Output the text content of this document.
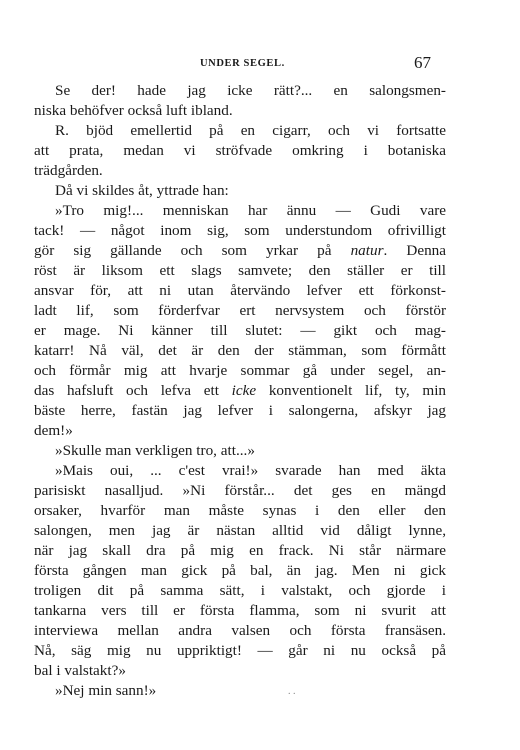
UNDER SEGEL.	67
Se der! hade jag icke rätt?... en salongsmen-
niska behöfver också luft ibland.
R. bjöd emellertid på en cigarr, och vi fortsatte
att prata, medan vi ströfvade omkring i botaniska
trädgården.
Då vi skildes åt, yttrade han:
»Tro mig!... menniskan har ännu — Gudi vare
tack! — något inom sig, som understundom ofrivilligt
gör sig gällande och som yrkar på natur. Denna
röst är liksom ett slags samvete; den ställer er till
ansvar för, att ni utan återvändo lefver ett förkonst-
ladt lif, som förderfvar ert nervsystem och förstör
er mage. Ni känner till slutet: — gikt och mag-
katarr! Nå väl, det är den der stämman, som förmått
och förmår mig att hvarje sommar gå under segel, an-
das hafsluft och lefva ett icke konventionelt lif, ty, min
bäste herre, fastän jag lefver i salongerna, afskyr jag
dem!»
»Skulle man verkligen tro, att...»
»Mais oui, ... c'est vrai!» svarade han med äkta
parisiskt nasalljud. »Ni förstår... det ges en mängd
orsaker, hvarför man måste synas i den eller den
salongen, men jag är nästan alltid vid dåligt lynne,
när jag skall dra på mig en frack. Ni står närmare
första gången man gick på bal, än jag. Men ni gick
troligen dit på samma sätt, i valstakt, och gjorde i
tankarna vers till er första flamma, som ni svurit att
interviewa mellan andra valsen och första fransäsen.
Nå, säg mig nu uppriktigt! — går ni nu också på
bal i valstakt?»
»Nej min sann!»	. .
